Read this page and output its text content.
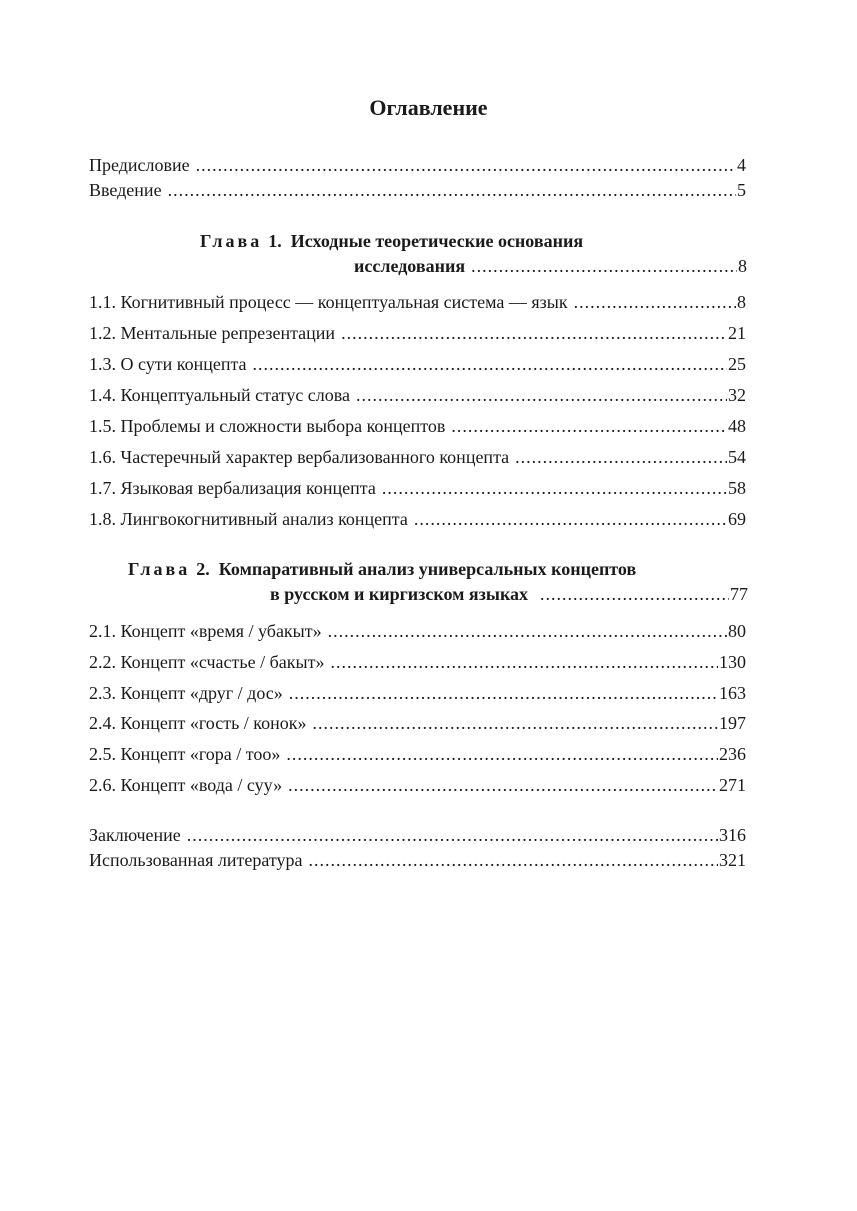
Оглавление
Предисловие .....	4
Введение .....	5
Глава 1. Исходные теоретические основания
исследования .....	8
1.1. Когнитивный процесс — концептуальная система — язык .....	8
1.2. Ментальные репрезентации .....	21
1.3. О сути концепта .....	25
1.4. Концептуальный статус слова .....	32
1.5. Проблемы и сложности выбора концептов .....	48
1.6. Частеречный характер вербализованного концепта .....	54
1.7. Языковая вербализация концепта .....	58
1.8. Лингвокогнитивный анализ концепта .....	69
Глава 2. Компаративный анализ универсальных концептов
в русском и киргизском языках .....	77
2.1. Концепт «время / убакыт» .....	80
2.2. Концепт «счастье / бакыт» .....	130
2.3. Концепт «друг / дос» .....	163
2.4. Концепт «гость / конок» .....	197
2.5. Концепт «гора / тоо» .....	236
2.6. Концепт «вода / суу» .....	271
Заключение .....	316
Использованная литература .....	321
